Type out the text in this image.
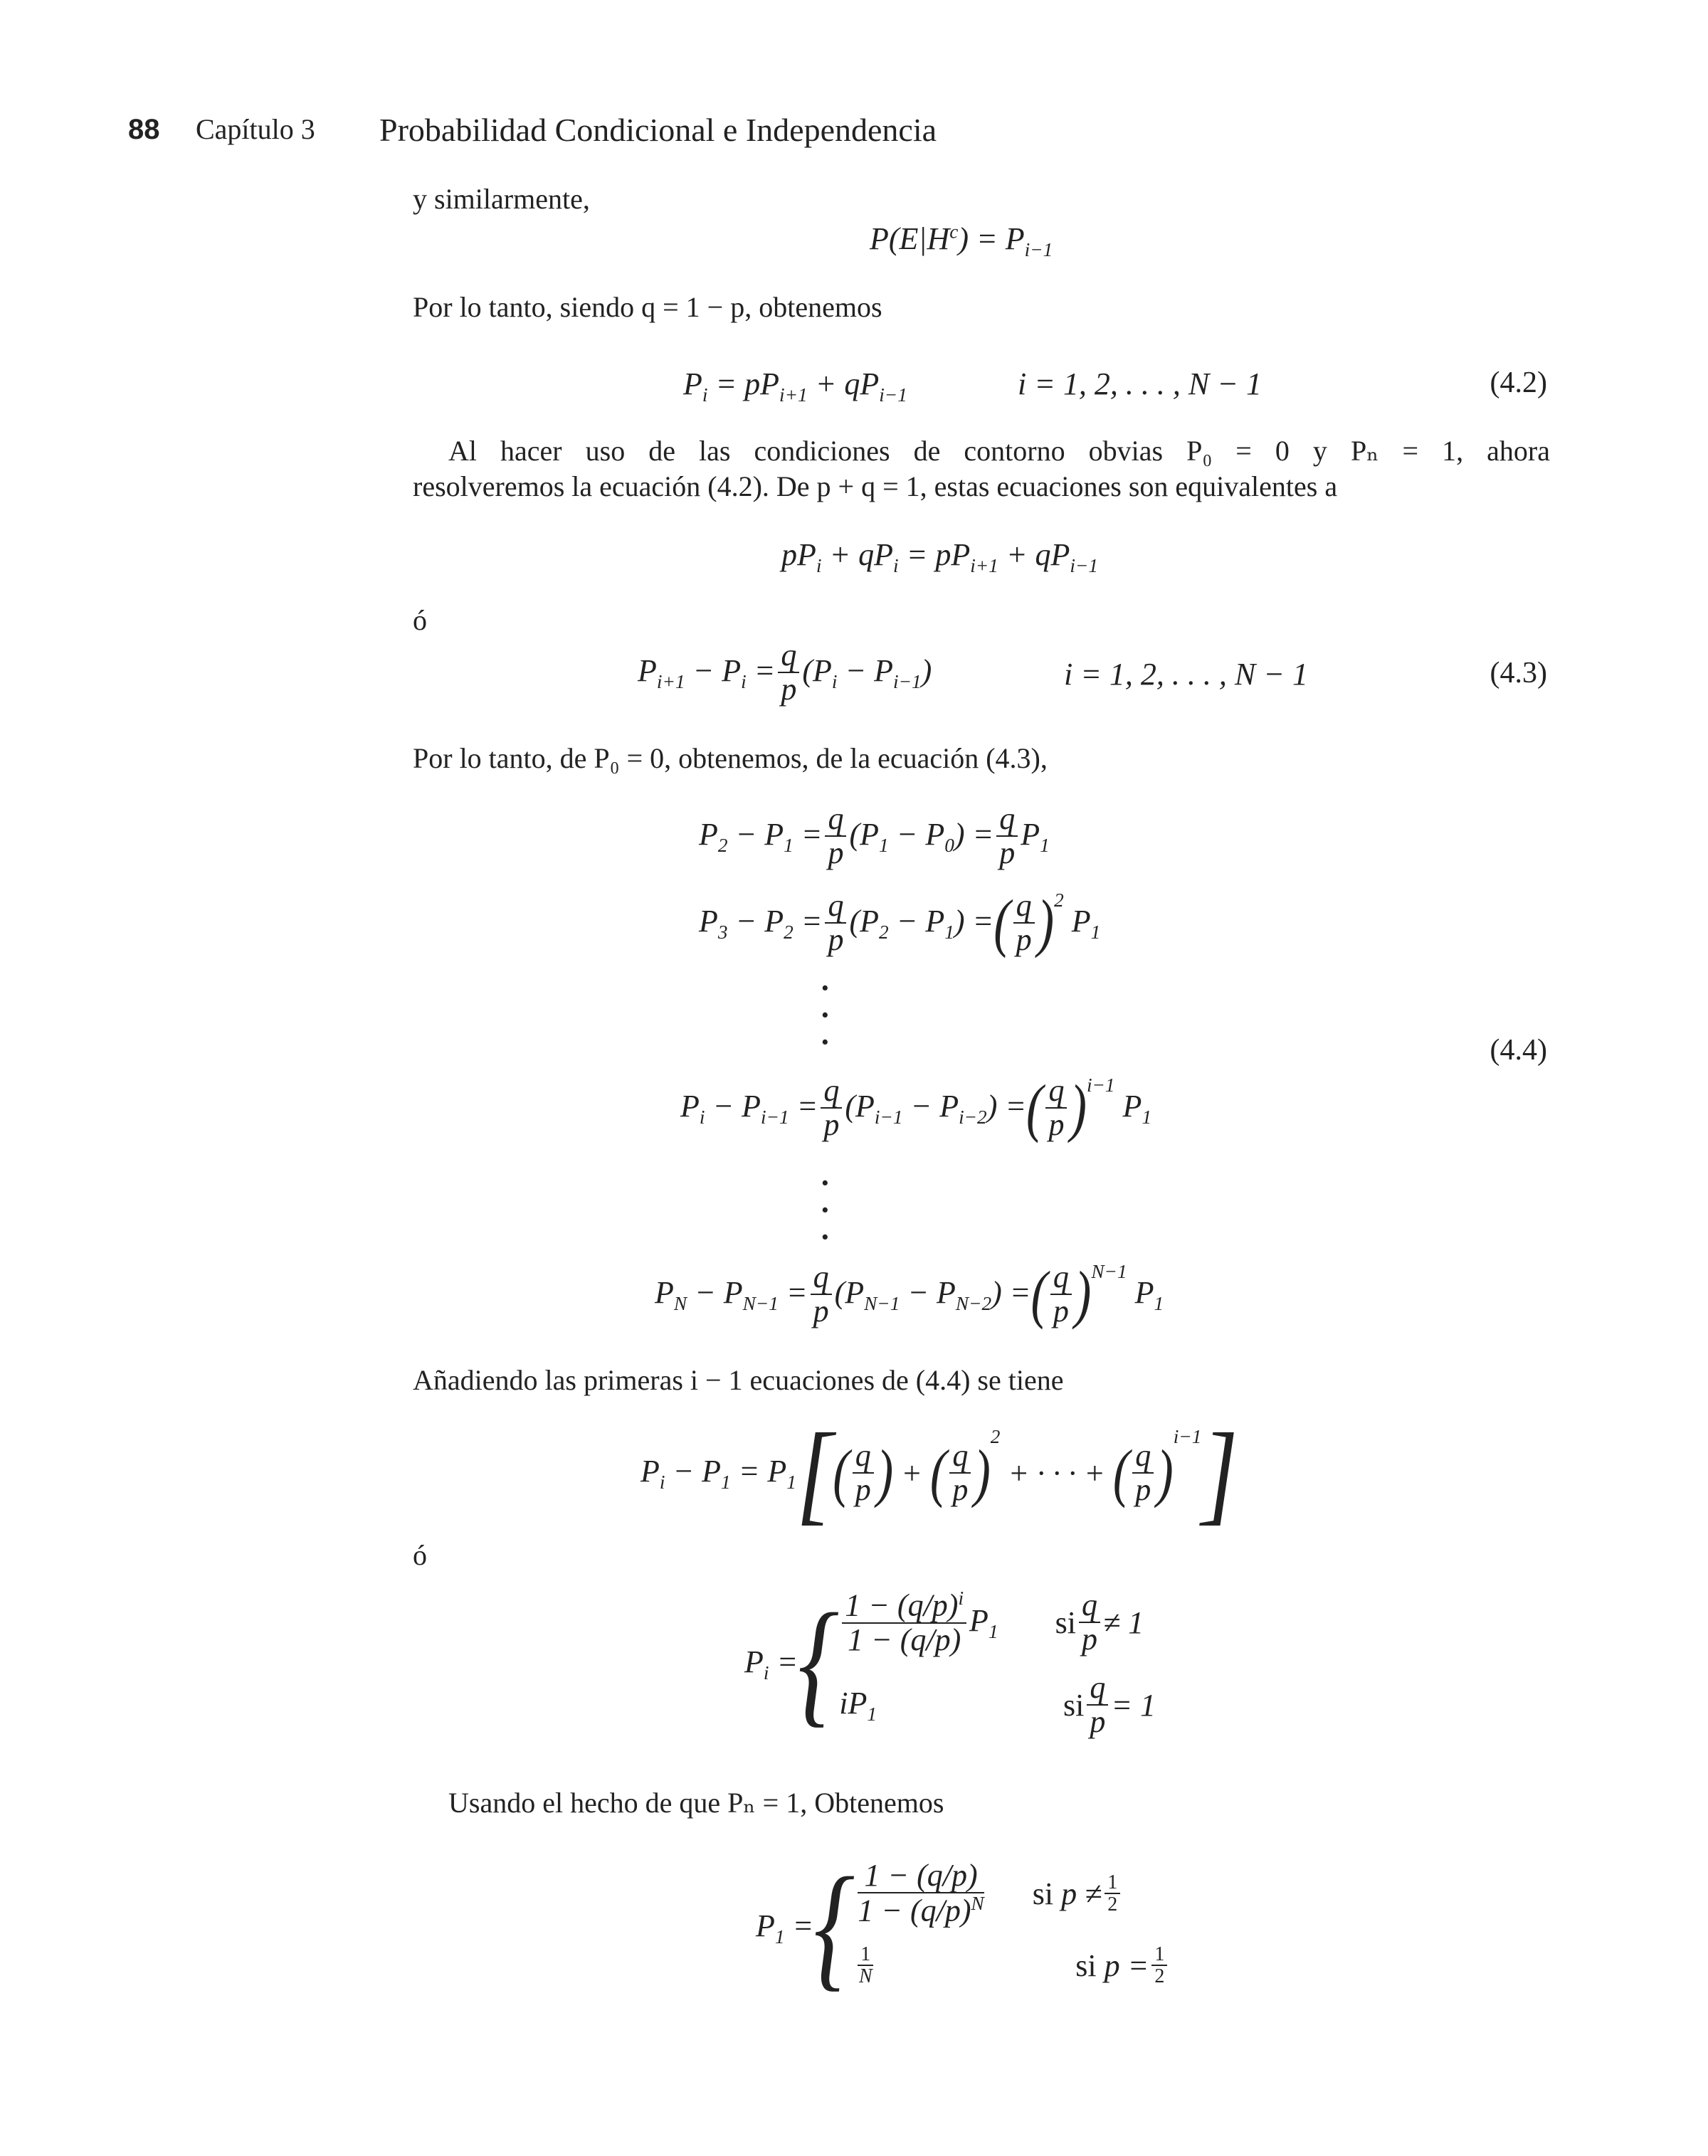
88 Capítulo 3 Probabilidad Condicional e Independencia
y similarmente,
$P(E|H^c) = P_{i-1}$
Por lo tanto, siendo q = 1 − p, obtenemos
$P_i = pP_{i+1} + qP_{i-1}$	i = 1, 2, . . . , N − 1	(4.2)
Al hacer uso de las condiciones de contorno obvias P₀ = 0 y Pₙ = 1, ahora
resolveremos la ecuación (4.2). De p + q = 1, estas ecuaciones son equivalentes a
$pP_i + qP_i = pP_{i+1} + qP_{i-1}$
ó
$P_{i+1} - P_i = \frac{q}{p} (P_i - P_{i-1})$	i = 1, 2, . . . , N − 1	(4.3)
Por lo tanto, de P₀ = 0, obtenemos, de la ecuación (4.3),
$P_2 - P_1 = \frac{q}{p} (P_1 - P_0) = \frac{q}{p} P_1$
$P_3 - P_2 = \frac{q}{p} (P_2 - P_1)$ = ( q
p )$^2$
$P_1$
·
·
·	(4.4)
$P_i - P_{i-1} = \frac{q}{p} (P_{i-1} - P_{i-2})$ = ( q
p )$^{i-1}$
$P_1$
·
·
·
$P_N - P_{N-1} = \frac{q}{p} (P_{N-1} - P_{N-2})$ = ( q
p )$^{N-1}$
$P_1$
Añadiendo las primeras i − 1 ecuaciones de (4.4) se tiene
$P_i - P_1 = P_1$ [ ( q
p ) + ( q
p )
$^2$
+ · · · + ( q
p )
$^{i-1}$ ]
ó
$P_i$ = { $1 - (q/p)^i$
1 − (q/p)
$P_1$ si
q
p ≠ 1
$iP_1$	si $\frac{q}{p} = 1$
Usando el hecho de que Pₙ = 1, Obtenemos
$P_1$ = { 1 − (q/p)
$1 - (q/p)^N$ si p ≠ 1
2
1
N	si $p = \frac{1}{2}$
